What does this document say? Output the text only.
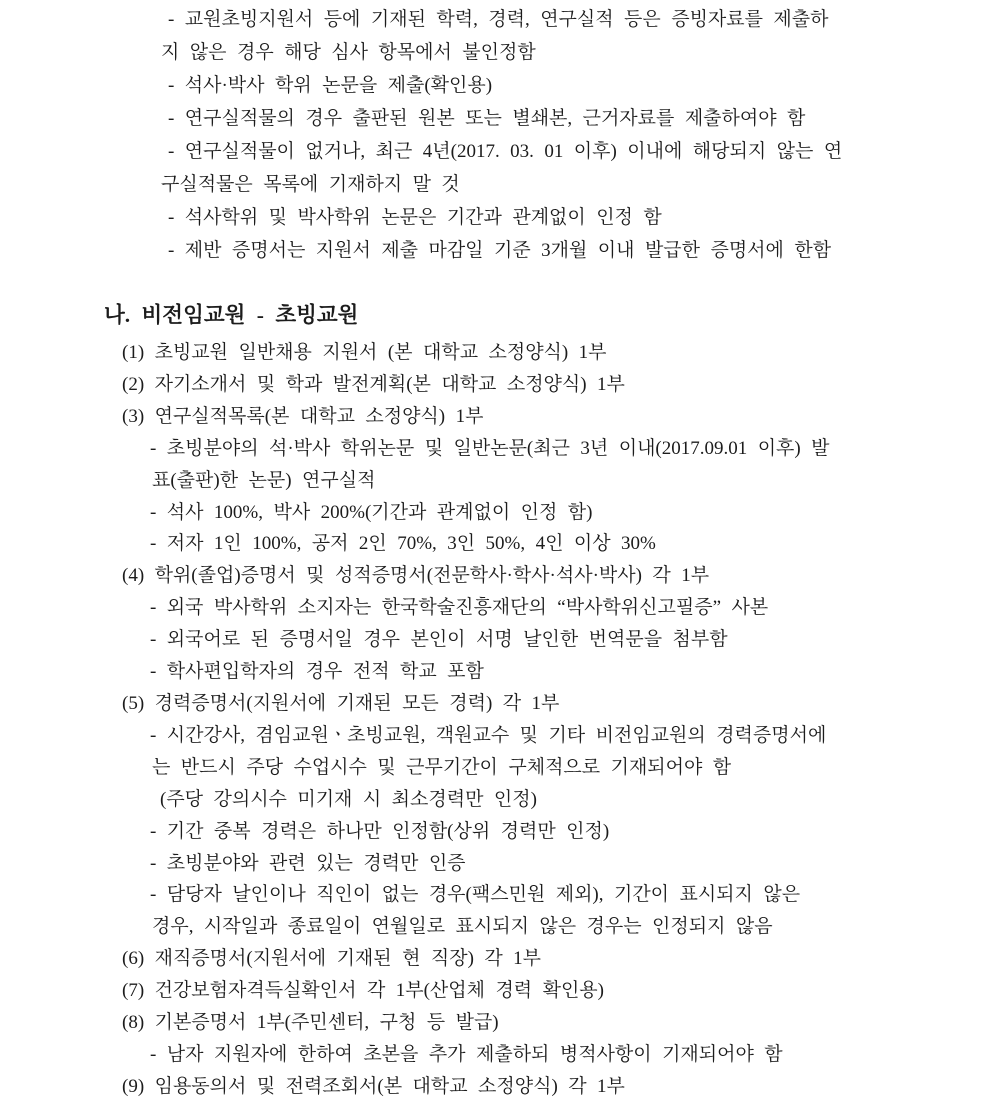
- 교원초빙지원서 등에 기재된 학력, 경력, 연구실적 등은 증빙자료를 제출하
지 않은 경우 해당 심사 항목에서 불인정함
- 석사·박사 학위 논문을 제출(확인용)
- 연구실적물의 경우 출판된 원본 또는 별쇄본, 근거자료를 제출하여야 함
- 연구실적물이 없거나, 최근 4년(2017. 03. 01 이후) 이내에 해당되지 않는 연
구실적물은 목록에 기재하지 말 것
- 석사학위 및 박사학위 논문은 기간과 관계없이 인정 함
- 제반 증명서는 지원서 제출 마감일 기준 3개월 이내 발급한 증명서에 한함
나. 비전임교원 - 초빙교원
(1) 초빙교원 일반채용 지원서 (본 대학교 소정양식) 1부
(2) 자기소개서 및 학과 발전계획(본 대학교 소정양식) 1부
(3) 연구실적목록(본 대학교 소정양식) 1부
- 초빙분야의 석·박사 학위논문 및 일반논문(최근 3년 이내(2017.09.01 이후) 발
표(출판)한 논문) 연구실적
- 석사 100%, 박사 200%(기간과 관계없이 인정 함)
- 저자 1인 100%, 공저 2인 70%, 3인 50%, 4인 이상 30%
(4) 학위(졸업)증명서 및 성적증명서(전문학사·학사·석사·박사) 각 1부
- 외국 박사학위 소지자는 한국학술진흥재단의 “박사학위신고필증” 사본
- 외국어로 된 증명서일 경우 본인이 서명 날인한 번역문을 첨부함
- 학사편입학자의 경우 전적 학교 포함
(5) 경력증명서(지원서에 기재된 모든 경력) 각 1부
- 시간강사, 겸임교원ㆍ초빙교원, 객원교수 및 기타 비전임교원의 경력증명서에
는 반드시 주당 수업시수 및 근무기간이 구체적으로 기재되어야 함
(주당 강의시수 미기재 시 최소경력만 인정)
- 기간 중복 경력은 하나만 인정함(상위 경력만 인정)
- 초빙분야와 관련 있는 경력만 인증
- 담당자 날인이나 직인이 없는 경우(팩스민원 제외), 기간이 표시되지 않은
경우, 시작일과 종료일이 연월일로 표시되지 않은 경우는 인정되지 않음
(6) 재직증명서(지원서에 기재된 현 직장) 각 1부
(7) 건강보험자격득실확인서 각 1부(산업체 경력 확인용)
(8) 기본증명서 1부(주민센터, 구청 등 발급)
- 남자 지원자에 한하여 초본을 추가 제출하되 병적사항이 기재되어야 함
(9) 임용동의서 및 전력조회서(본 대학교 소정양식) 각 1부
